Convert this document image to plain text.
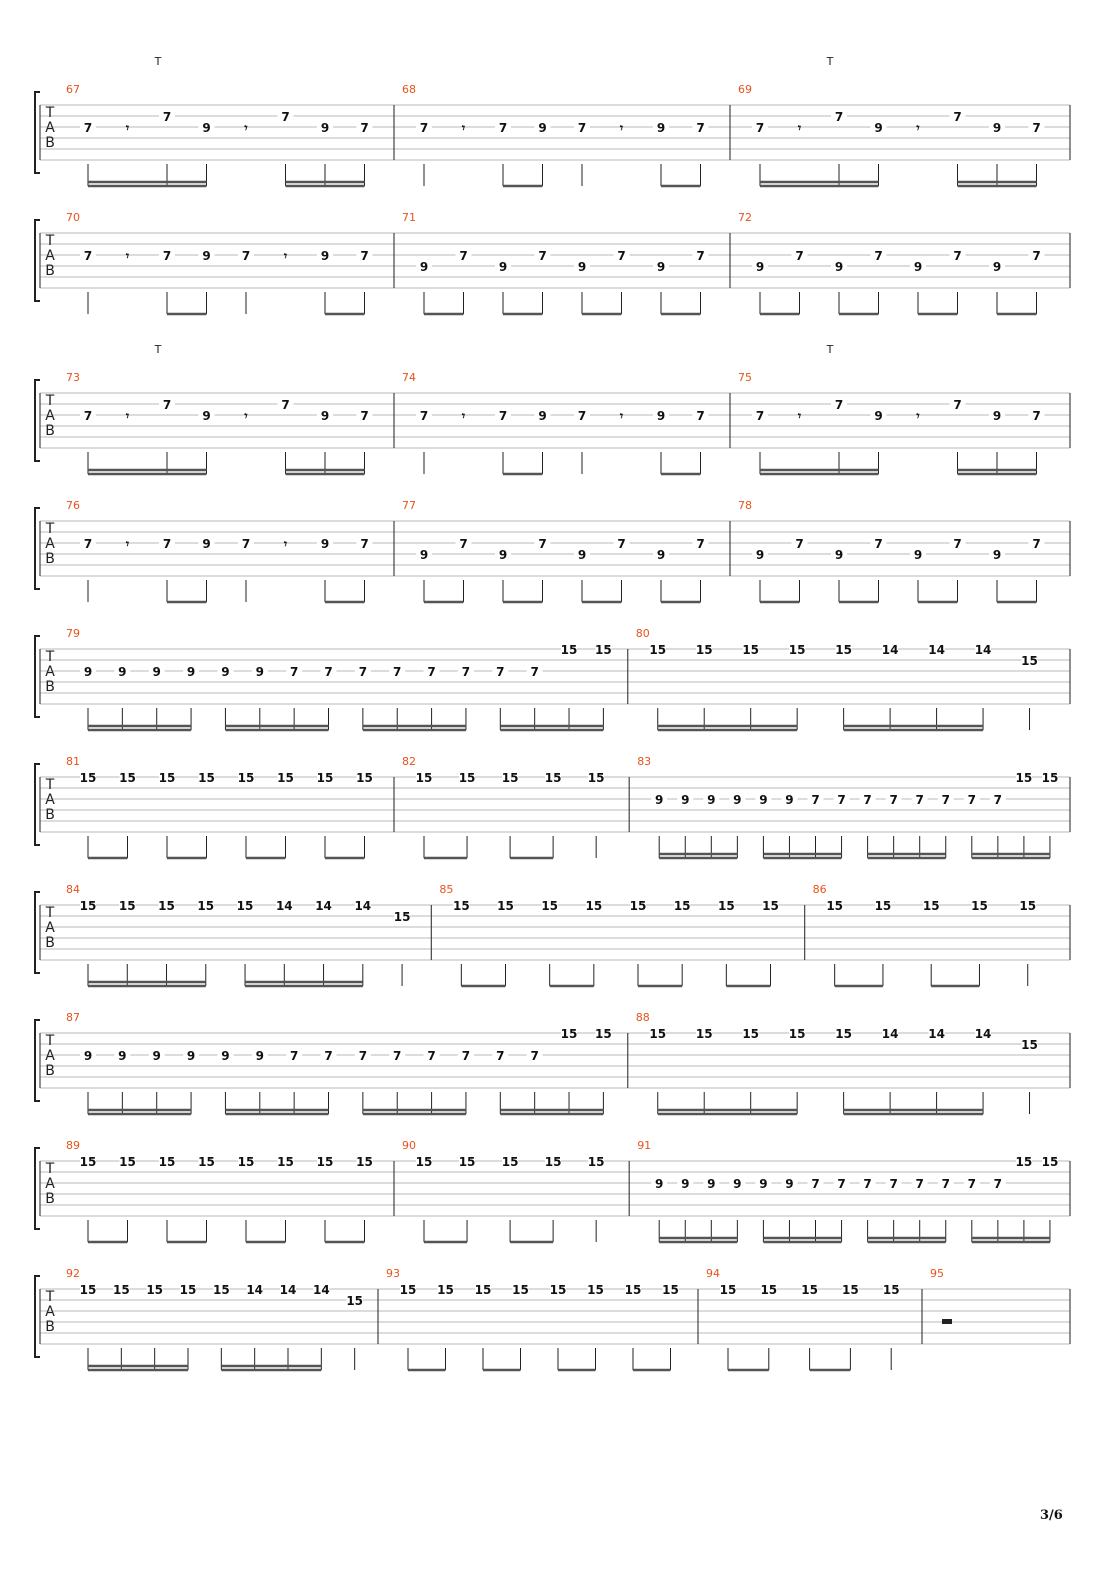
T
A
B
67
7	𝄾
7
9	𝄾
7
9	7
68
7	𝄾	7	9	7	𝄾	9	7
69
7	𝄾
7
9	𝄾
7
9	7
T	T
T
A
B
70
7	𝄾	7	9	7	𝄾	9	7
71
9
7
9
7
9
7
9
7
72
9
7
9
7
9
7
9
7
T
A
B
73
7	𝄾
7
9	𝄾
7
9	7
74
7	𝄾	7	9	7	𝄾	9	7
75
7	𝄾
7
9	𝄾
7
9	7
T	T
T
A
B
76
7	𝄾	7	9	7	𝄾	9	7
77
9
7
9
7
9
7
9
7
78
9
7
9
7
9
7
9
7
T
A
B
79
9 9 9 9 9 9 7 7 7 7 7 7 7 7
15 15
80
15 15 15 15 15 14 14 14
15
T
A
B
81
15 15 15 15 15 15 15 15
82
15 15 15 15 15
83
9 9 9 9 9 9 7 7 7 7 7 7 7 7
15 15
T
A
B
84
15 15 15 15 15 14 14 14
15
85
15 15 15 15 15 15 15 15
86
15	15	15	15	15
T
A
B
87
9 9 9 9 9 9 7 7 7 7 7 7 7 7
15 15
88
15 15 15 15 15 14 14 14
15
T
A
B
89
15 15 15 15 15 15 15 15
90
15 15 15 15 15
91
9 9 9 9 9 9 7 7 7 7 7 7 7 7
15 15
T
A
B
92
15 15 15 15 15 14 14 14
15
93
15 15 15 15 15 15 15 15
94
15 15 15 15 15
95
3/6
